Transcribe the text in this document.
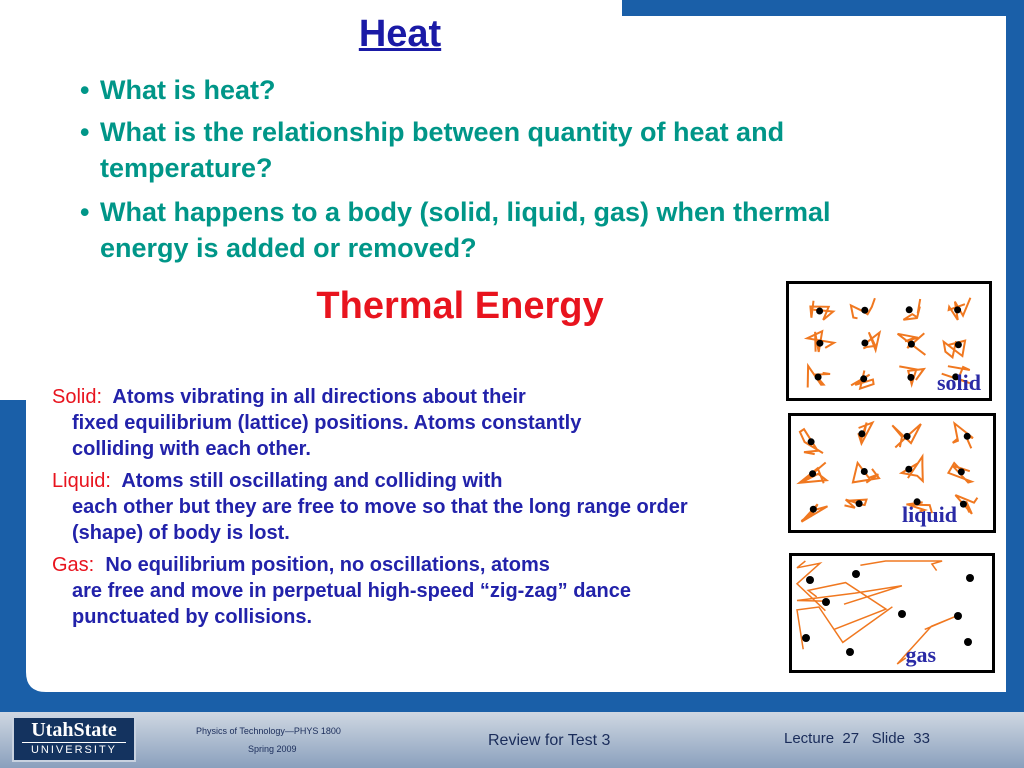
Heat
• What is heat?
• What is the relationship between quantity of heat and temperature?
• What happens to a body (solid, liquid, gas) when thermal energy is added or removed?
Thermal Energy
Solid: Atoms vibrating in all directions about their
fixed equilibrium (lattice) positions. Atoms constantly colliding with each other.
Liquid: Atoms still oscillating and colliding with
each other but they are free to move so that the long range order (shape) of body is lost.
Gas: No equilibrium position, no oscillations, atoms
are free and move in perpetual high-speed “zig-zag” dance punctuated by collisions.
solid
liquid
gas
UtahState
UNIVERSITY
Physics of Technology—PHYS 1800
Spring 2009	Review for Test 3	Lecture 27 Slide 33
